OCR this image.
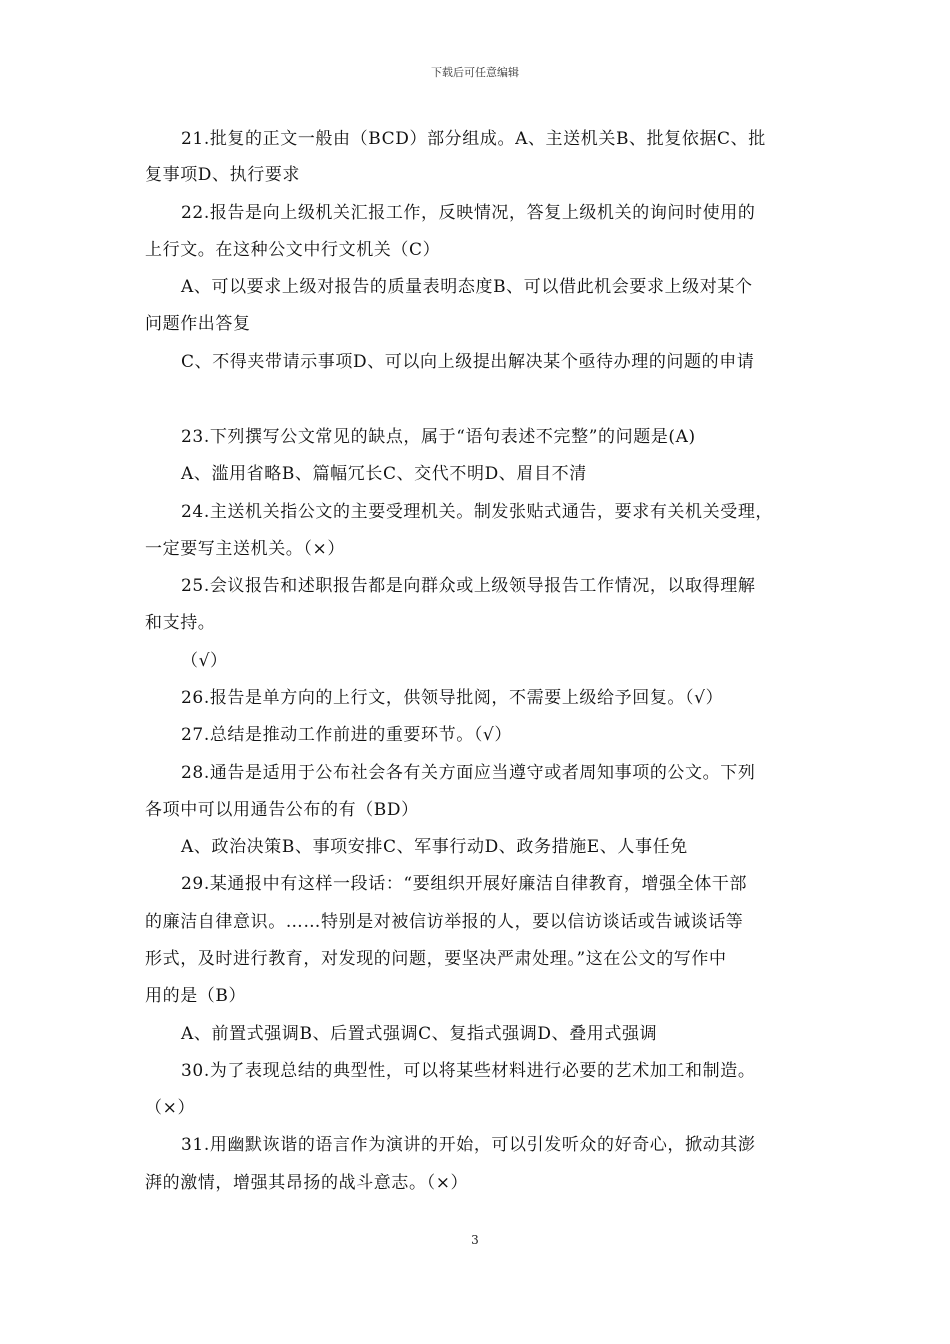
下载后可任意编辑
21.批复的正文一般由（BCD）部分组成。A、主送机关B、批复依据C、批
复事项D、执行要求
22.报告是向上级机关汇报工作，反映情况，答复上级机关的询问时使用的
上行文。在这种公文中行文机关（C）
A、可以要求上级对报告的质量表明态度B、可以借此机会要求上级对某个
问题作出答复
C、不得夹带请示事项D、可以向上级提出解决某个亟待办理的问题的申请
23.下列撰写公文常见的缺点，属于“语句表述不完整”的问题是(A)
A、滥用省略B、篇幅冗长C、交代不明D、眉目不清
24.主送机关指公文的主要受理机关。制发张贴式通告，要求有关机关受理，
一定要写主送机关。（×）
25.会议报告和述职报告都是向群众或上级领导报告工作情况，以取得理解
和支持。
（√）
26.报告是单方向的上行文，供领导批阅，不需要上级给予回复。（√）
27.总结是推动工作前进的重要环节。（√）
28.通告是适用于公布社会各有关方面应当遵守或者周知事项的公文。下列
各项中可以用通告公布的有（BD）
A、政治决策B、事项安排C、军事行动D、政务措施E、人事任免
29.某通报中有这样一段话：“要组织开展好廉洁自律教育，增强全体干部
的廉洁自律意识。……特别是对被信访举报的人，要以信访谈话或告诫谈话等
形式，及时进行教育，对发现的问题，要坚决严肃处理。”这在公文的写作中
用的是（B）
A、前置式强调B、后置式强调C、复指式强调D、叠用式强调
30.为了表现总结的典型性，可以将某些材料进行必要的艺术加工和制造。
（×）
31.用幽默诙谐的语言作为演讲的开始，可以引发听众的好奇心，掀动其澎
湃的激情，增强其昂扬的战斗意志。（×）
3
